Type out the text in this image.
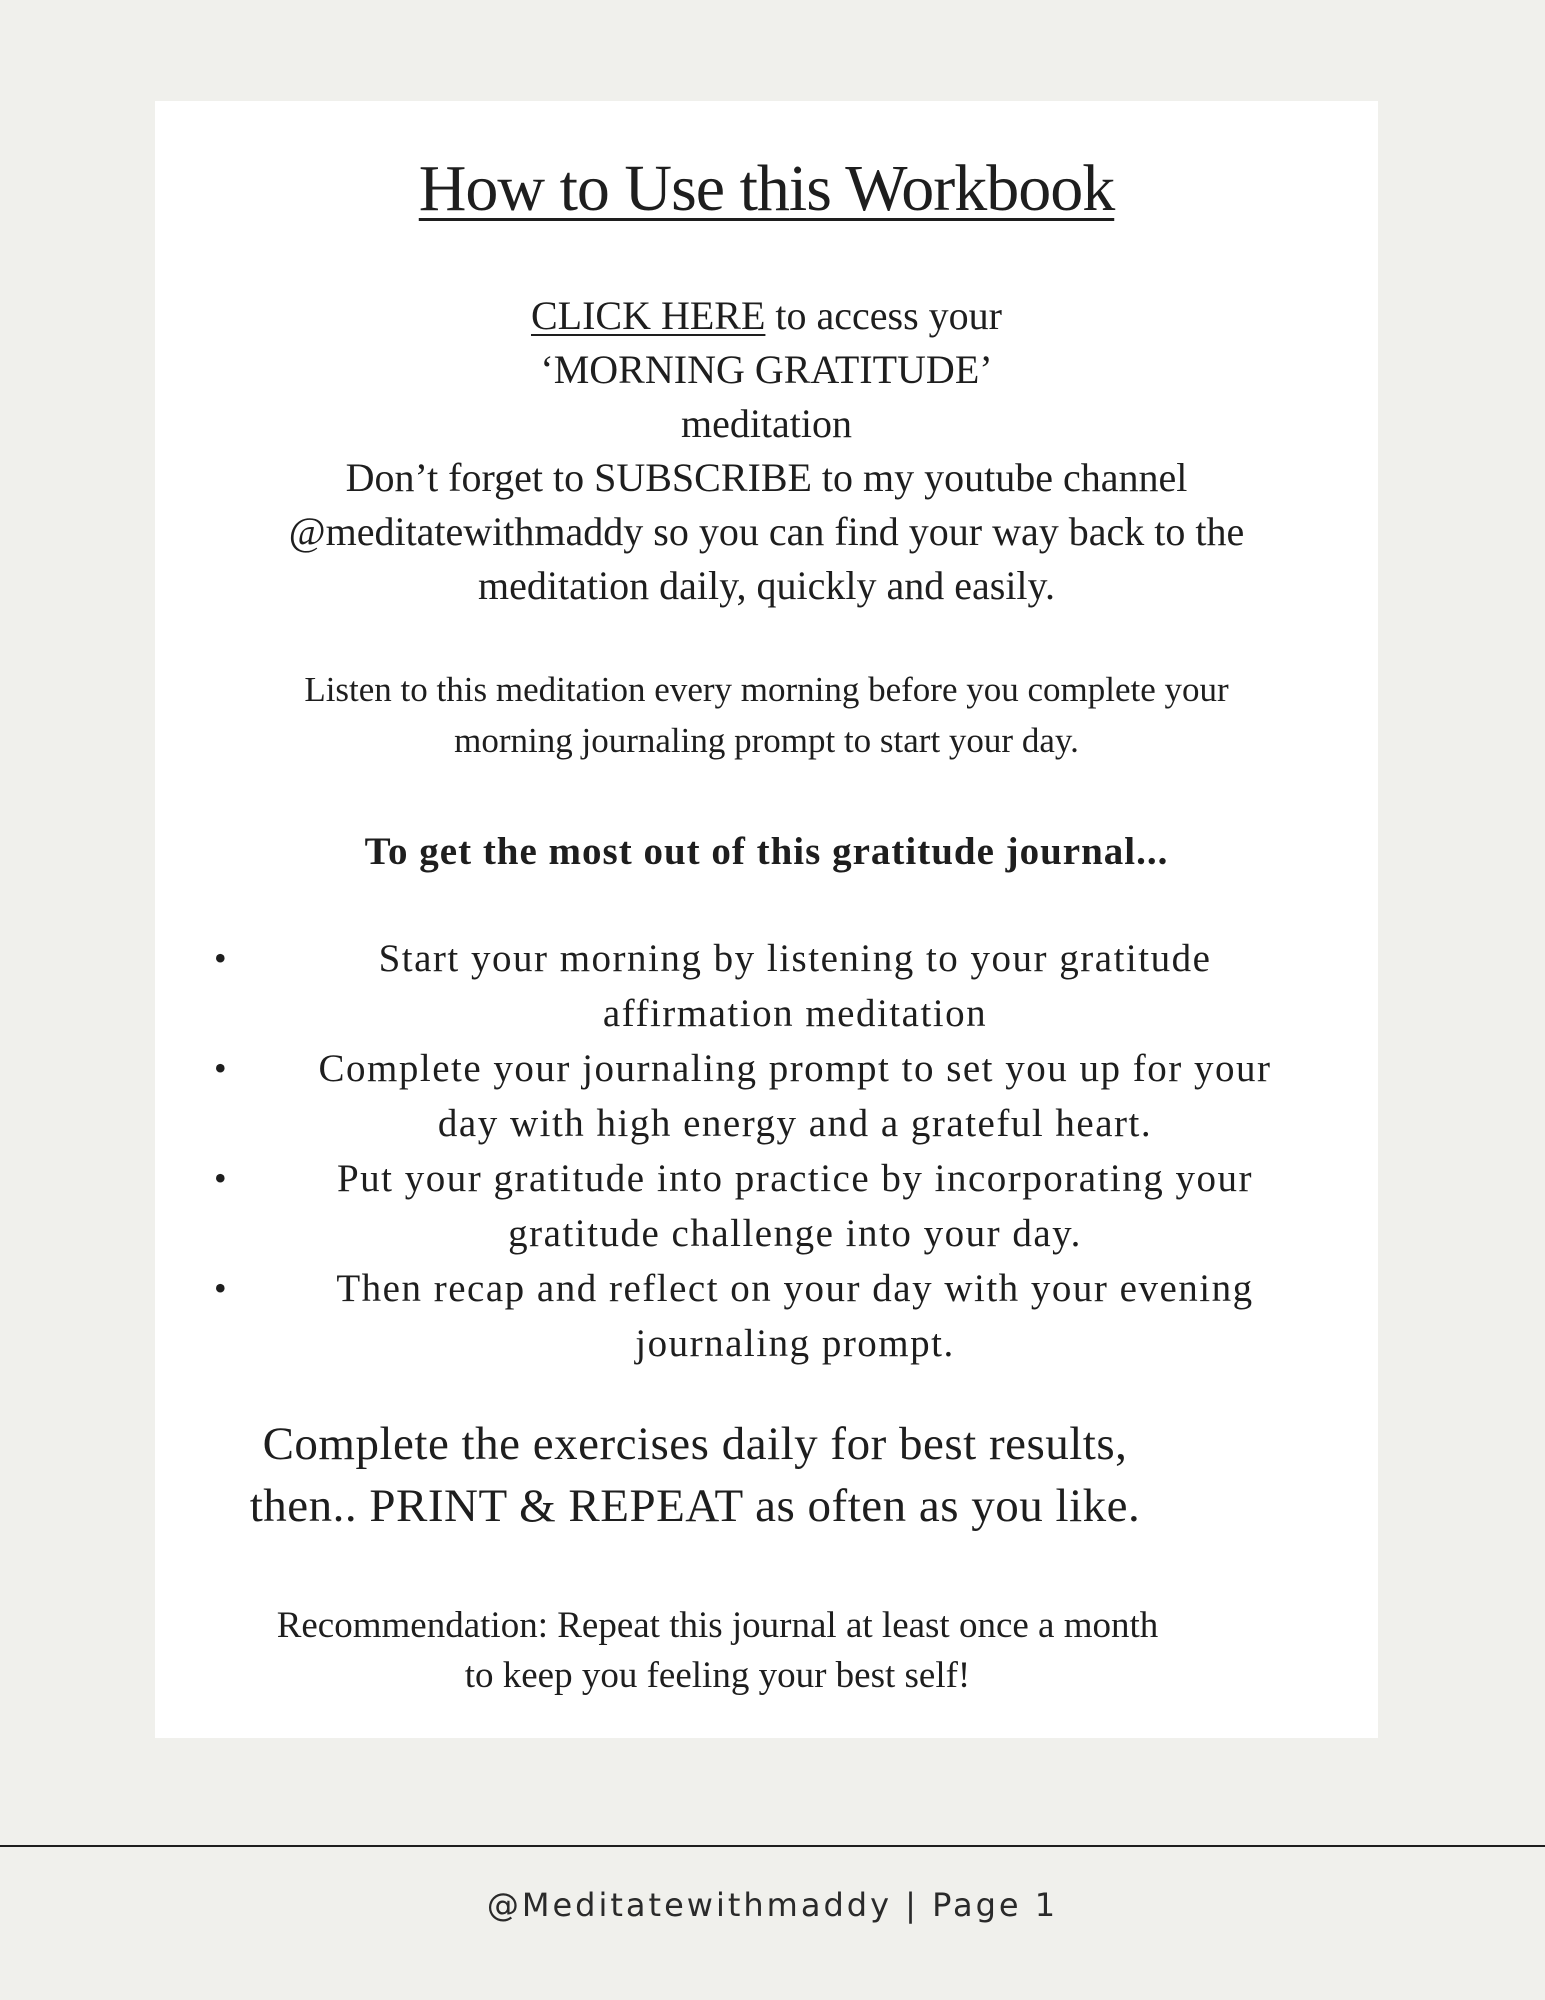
How to Use this Workbook
CLICK HERE to access your
‘MORNING GRATITUDE’
meditation
Don’t forget to SUBSCRIBE to my youtube channel
@meditatewithmaddy so you can find your way back to the
meditation daily, quickly and easily.
Listen to this meditation every morning before you complete your
morning journaling prompt to start your day.
To get the most out of this gratitude journal...
•	Start your morning by listening to your gratitude
affirmation meditation
•	Complete your journaling prompt to set you up for your
day with high energy and a grateful heart.
•	Put your gratitude into practice by incorporating your
gratitude challenge into your day.
•	Then recap and reflect on your day with your evening
journaling prompt.
Complete the exercises daily for best results,
then.. PRINT & REPEAT as often as you like.
Recommendation: Repeat this journal at least once a month
to keep you feeling your best self!
@Meditatewithmaddy | Page 1
